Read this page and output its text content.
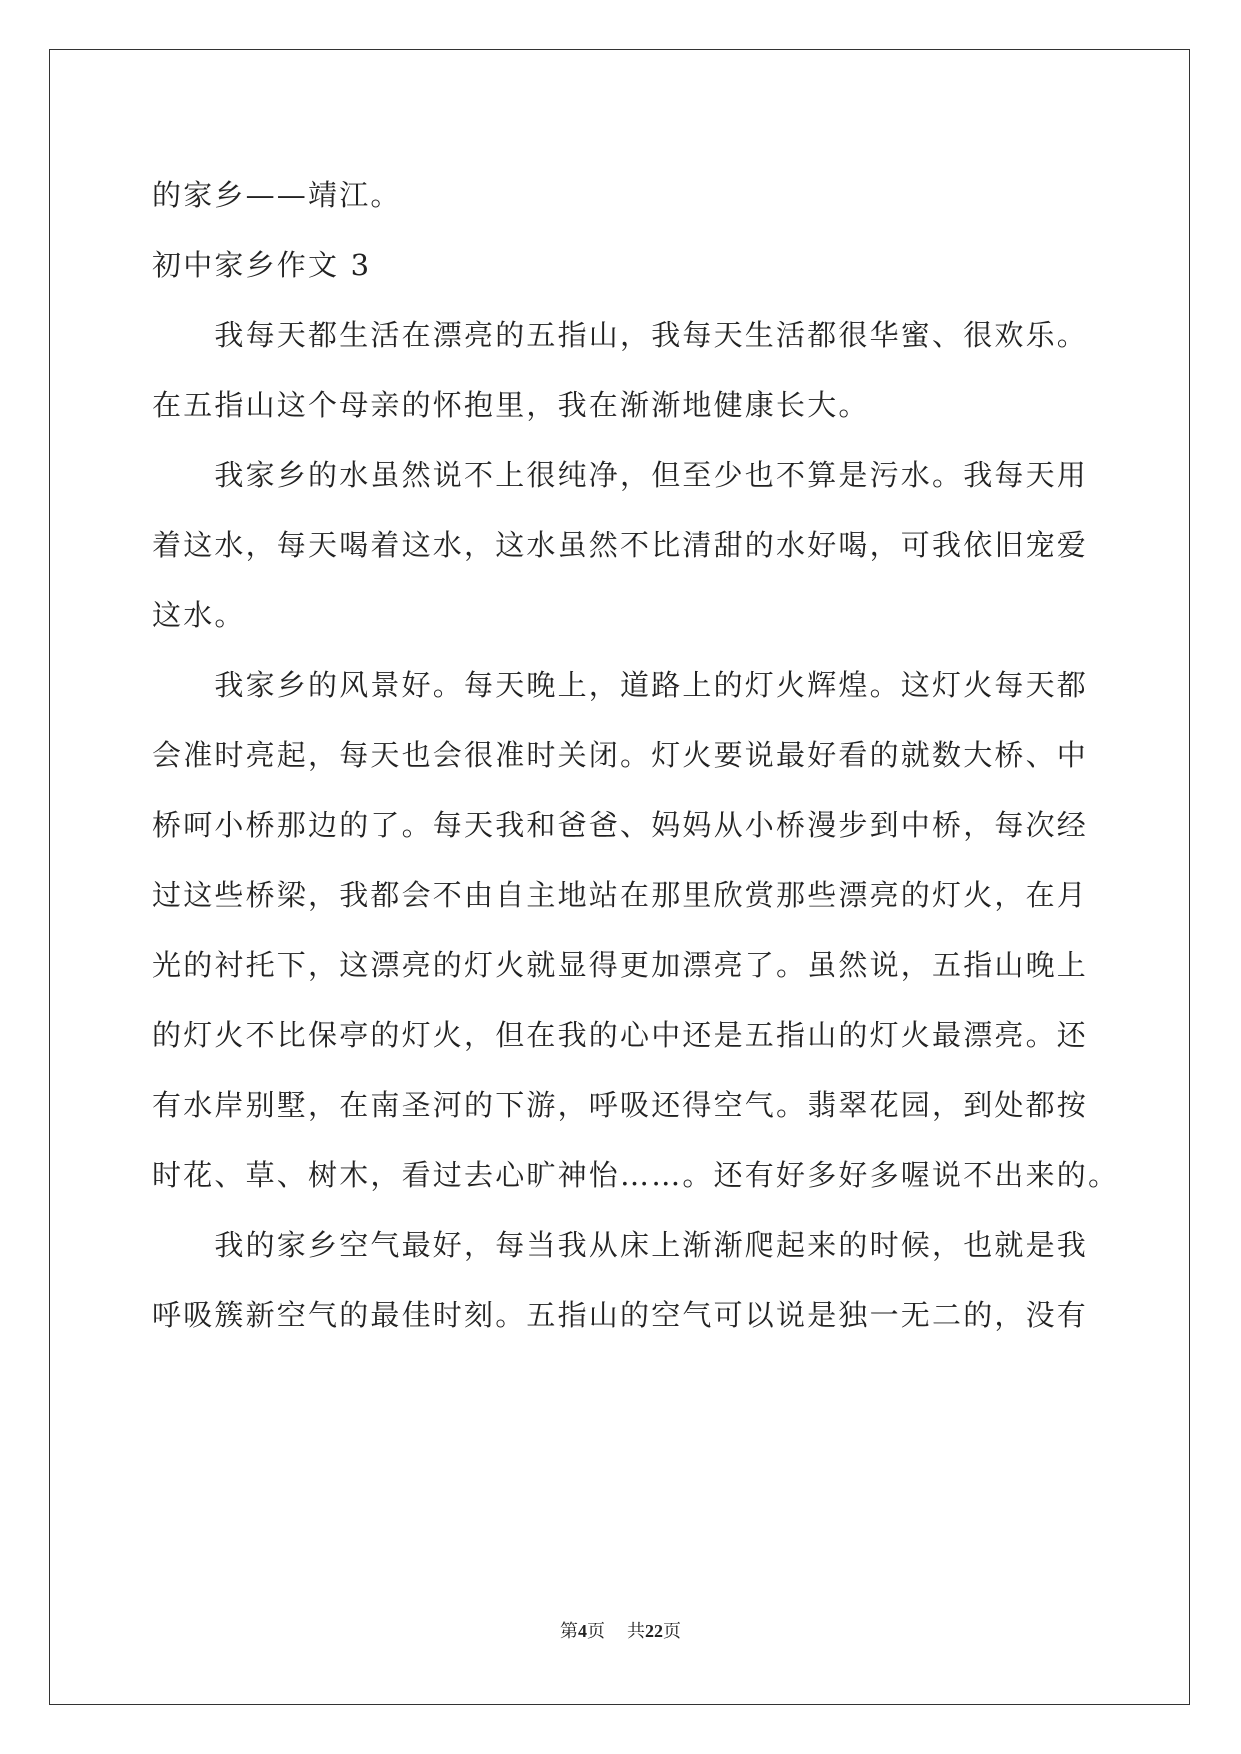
的家乡——靖江。
初中家乡作文 3
　　我每天都生活在漂亮的五指山，我每天生活都很华蜜、很欢乐。
在五指山这个母亲的怀抱里，我在渐渐地健康长大。
　　我家乡的水虽然说不上很纯净，但至少也不算是污水。我每天用
着这水，每天喝着这水，这水虽然不比清甜的水好喝，可我依旧宠爱
这水。
　　我家乡的风景好。每天晚上，道路上的灯火辉煌。这灯火每天都
会准时亮起，每天也会很准时关闭。灯火要说最好看的就数大桥、中
桥呵小桥那边的了。每天我和爸爸、妈妈从小桥漫步到中桥，每次经
过这些桥梁，我都会不由自主地站在那里欣赏那些漂亮的灯火，在月
光的衬托下，这漂亮的灯火就显得更加漂亮了。虽然说，五指山晚上
的灯火不比保亭的灯火，但在我的心中还是五指山的灯火最漂亮。还
有水岸别墅，在南圣河的下游，呼吸还得空气。翡翠花园，到处都按
时花、草、树木，看过去心旷神怡……。还有好多好多喔说不出来的。
　　我的家乡空气最好，每当我从床上渐渐爬起来的时候，也就是我
呼吸簇新空气的最佳时刻。五指山的空气可以说是独一无二的，没有
第4页 共22页
